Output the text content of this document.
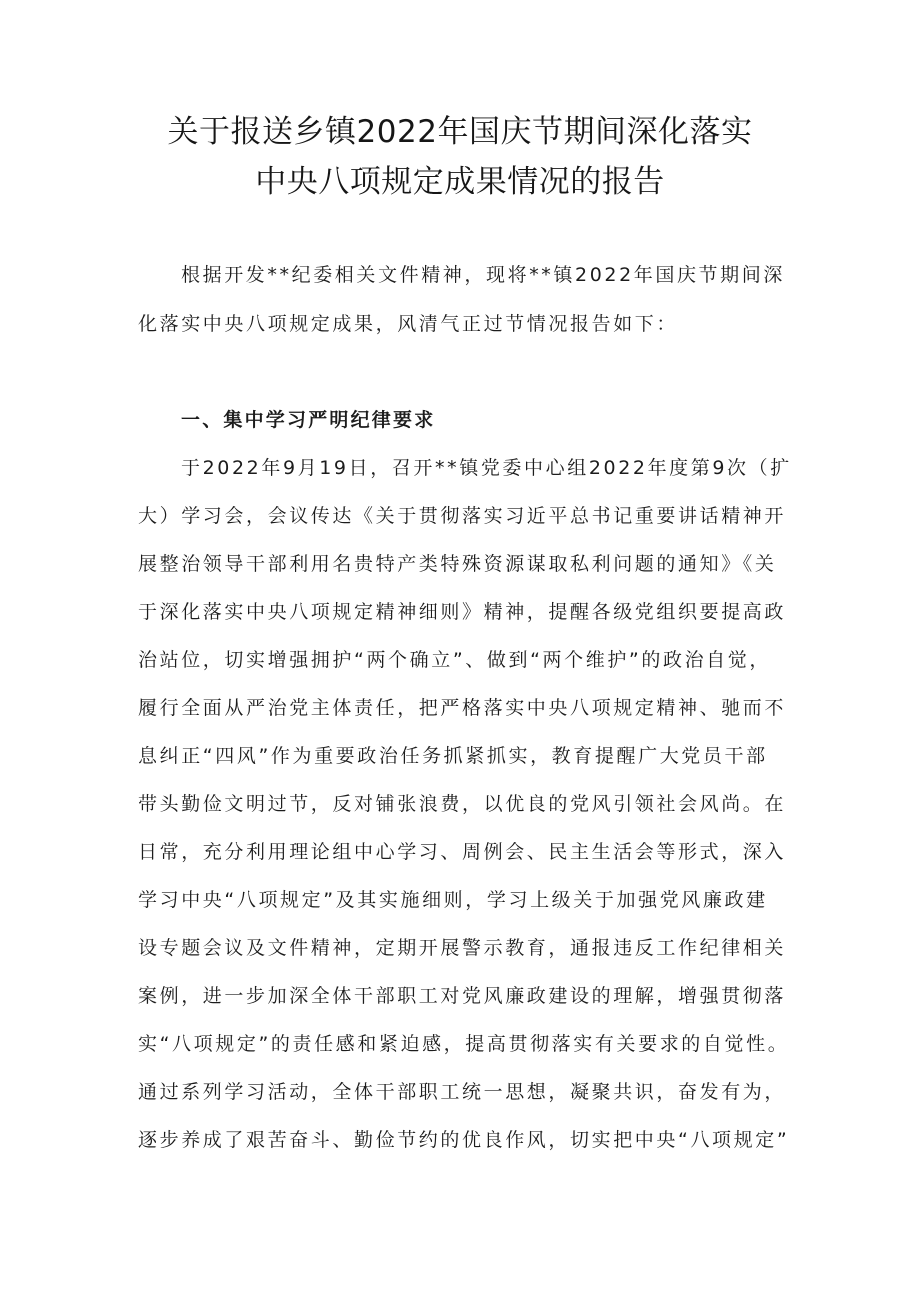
关于报送乡镇2022年国庆节期间深化落实
中央八项规定成果情况的报告
根据开发**纪委相关文件精神，现将**镇2022年国庆节期间深
化落实中央八项规定成果，风清气正过节情况报告如下：
一、集中学习严明纪律要求
于2022年9月19日，召开**镇党委中心组2022年度第9次（扩
大）学习会，会议传达《关于贯彻落实习近平总书记重要讲话精神开
展整治领导干部利用名贵特产类特殊资源谋取私利问题的通知》《关
于深化落实中央八项规定精神细则》精神，提醒各级党组织要提高政
治站位，切实增强拥护“两个确立”、做到“两个维护”的政治自觉，
履行全面从严治党主体责任，把严格落实中央八项规定精神、驰而不
息纠正“四风”作为重要政治任务抓紧抓实，教育提醒广大党员干部
带头勤俭文明过节，反对铺张浪费，以优良的党风引领社会风尚。在
日常，充分利用理论组中心学习、周例会、民主生活会等形式，深入
学习中央“八项规定”及其实施细则，学习上级关于加强党风廉政建
设专题会议及文件精神，定期开展警示教育，通报违反工作纪律相关
案例，进一步加深全体干部职工对党风廉政建设的理解，增强贯彻落
实“八项规定”的责任感和紧迫感，提高贯彻落实有关要求的自觉性。
通过系列学习活动，全体干部职工统一思想，凝聚共识，奋发有为，
逐步养成了艰苦奋斗、勤俭节约的优良作风，切实把中央“八项规定”
